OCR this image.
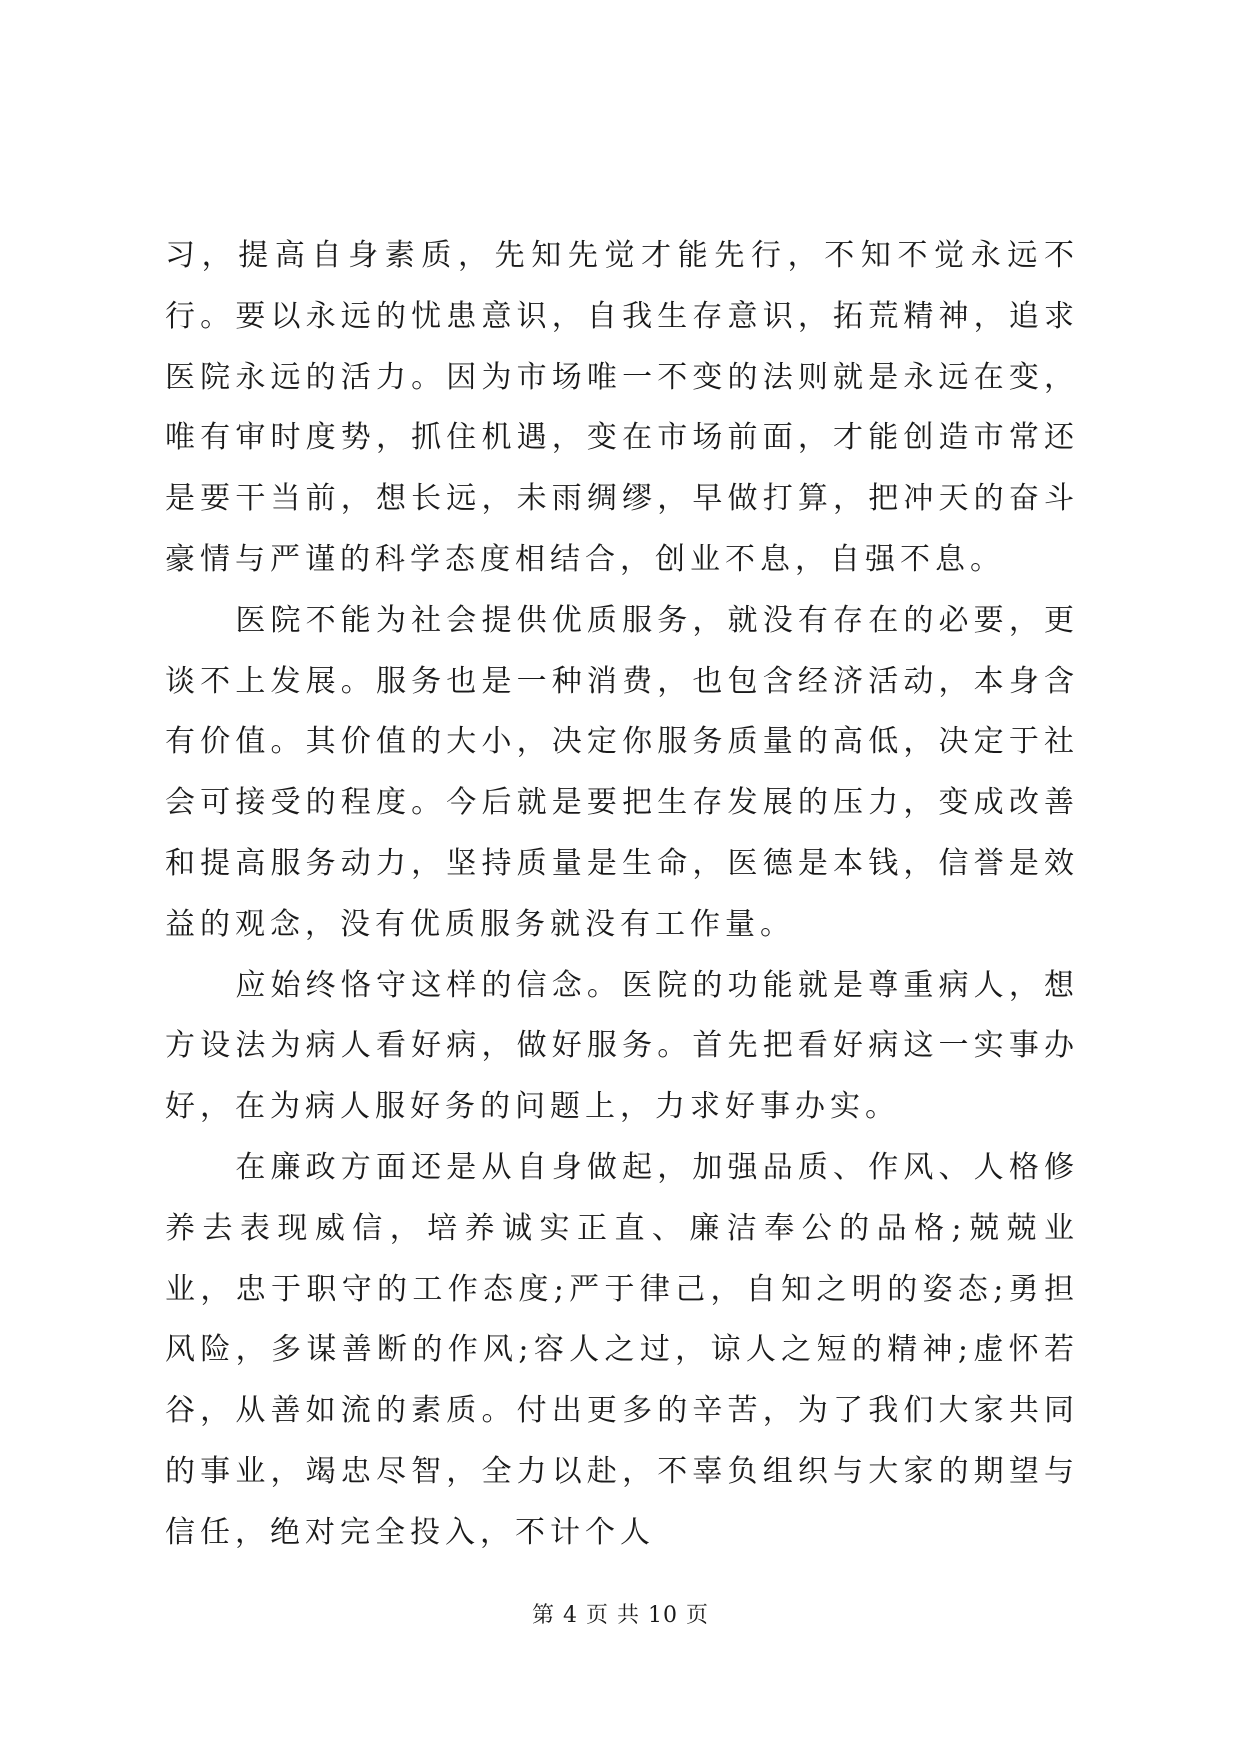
习，提高自身素质，先知先觉才能先行，不知不觉永远不行。要以永远的忧患意识，自我生存意识，拓荒精神，追求医院永远的活力。因为市场唯一不变的法则就是永远在变，唯有审时度势，抓住机遇，变在市场前面，才能创造市常还是要干当前，想长远，未雨绸缪，早做打算，把冲天的奋斗豪情与严谨的科学态度相结合，创业不息，自强不息。

　　医院不能为社会提供优质服务，就没有存在的必要，更谈不上发展。服务也是一种消费，也包含经济活动，本身含有价值。其价值的大小，决定你服务质量的高低，决定于社会可接受的程度。今后就是要把生存发展的压力，变成改善和提高服务动力，坚持质量是生命，医德是本钱，信誉是效益的观念，没有优质服务就没有工作量。

　　应始终恪守这样的信念。医院的功能就是尊重病人，想方设法为病人看好病，做好服务。首先把看好病这一实事办好，在为病人服好务的问题上，力求好事办实。

　　在廉政方面还是从自身做起，加强品质、作风、人格修养去表现威信，培养诚实正直、廉洁奉公的品格;兢兢业业，忠于职守的工作态度;严于律己，自知之明的姿态;勇担风险，多谋善断的作风;容人之过，谅人之短的精神;虚怀若谷，从善如流的素质。付出更多的辛苦，为了我们大家共同的事业，竭忠尽智，全力以赴，不辜负组织与大家的期望与信任，绝对完全投入，不计个人

第 4 页 共 10 页
